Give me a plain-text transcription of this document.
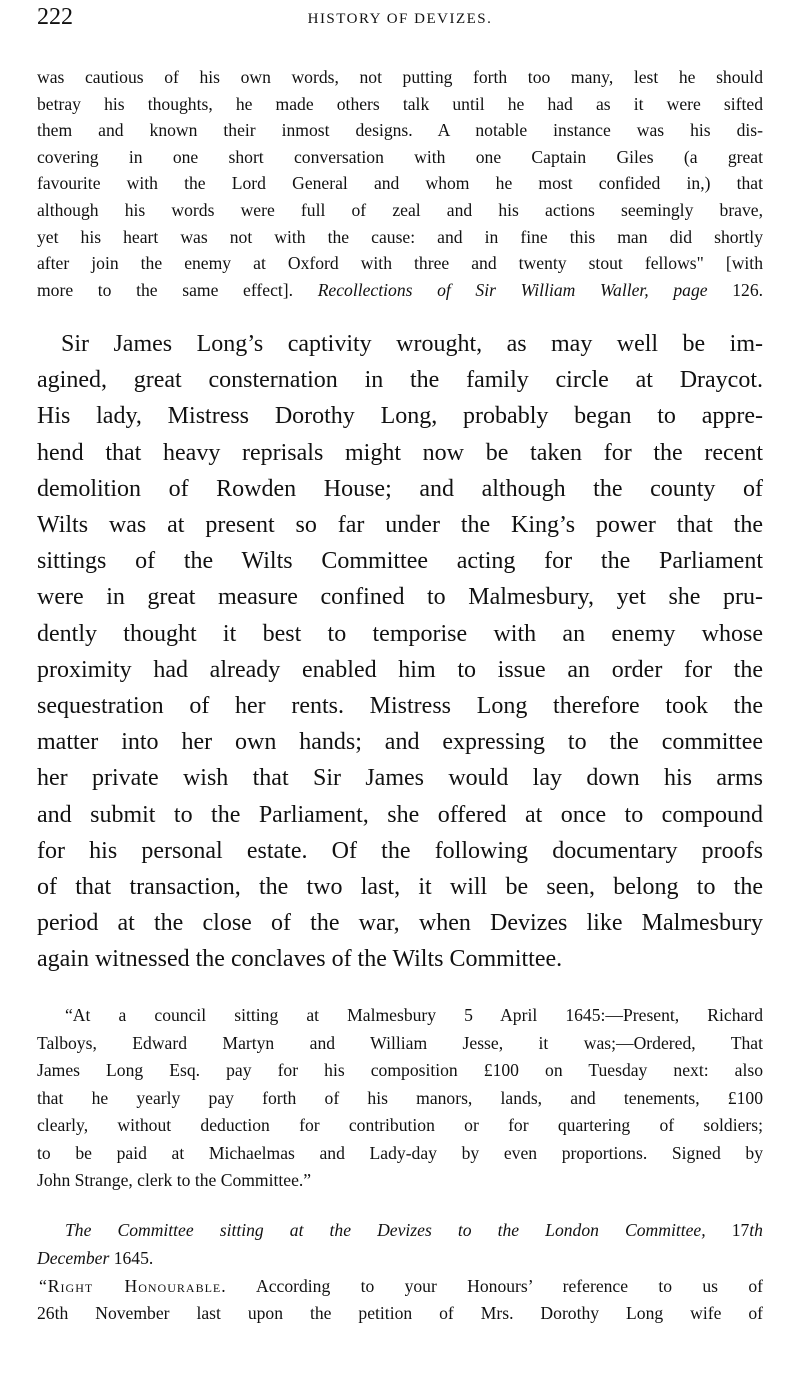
222	HISTORY OF DEVIZES.
was cautious of his own words, not putting forth too many, lest he should
betray his thoughts, he made others talk until he had as it were sifted
them and known their inmost designs. A notable instance was his dis-
covering in one short conversation with one Captain Giles (a great
favourite with the Lord General and whom he most confided in,) that
although his words were full of zeal and his actions seemingly brave,
yet his heart was not with the cause: and in fine this man did shortly
after join the enemy at Oxford with three and twenty stout fellows" [with
more to the same effect]. Recollections of Sir William Waller, page 126.
Sir James Long’s captivity wrought, as may well be im-
agined, great consternation in the family circle at Draycot.
His lady, Mistress Dorothy Long, probably began to appre-
hend that heavy reprisals might now be taken for the recent
demolition of Rowden House; and although the county of
Wilts was at present so far under the King’s power that the
sittings of the Wilts Committee acting for the Parliament
were in great measure confined to Malmesbury, yet she pru-
dently thought it best to temporise with an enemy whose
proximity had already enabled him to issue an order for the
sequestration of her rents. Mistress Long therefore took the
matter into her own hands; and expressing to the committee
her private wish that Sir James would lay down his arms
and submit to the Parliament, she offered at once to compound
for his personal estate. Of the following documentary proofs
of that transaction, the two last, it will be seen, belong to the
period at the close of the war, when Devizes like Malmesbury
again witnessed the conclaves of the Wilts Committee.
“At a council sitting at Malmesbury 5 April 1645:—Present, Richard
Talboys, Edward Martyn and William Jesse, it was;—Ordered, That
James Long Esq. pay for his composition £100 on Tuesday next: also
that he yearly pay forth of his manors, lands, and tenements, £100
clearly, without deduction for contribution or for quartering of soldiers;
to be paid at Michaelmas and Lady-day by even proportions. Signed by
John Strange, clerk to the Committee.”
The Committee sitting at the Devizes to the London Committee, 17th
December 1645.
“Right Honourable. According to your Honours’ reference to us of
26th November last upon the petition of Mrs. Dorothy Long wife of
